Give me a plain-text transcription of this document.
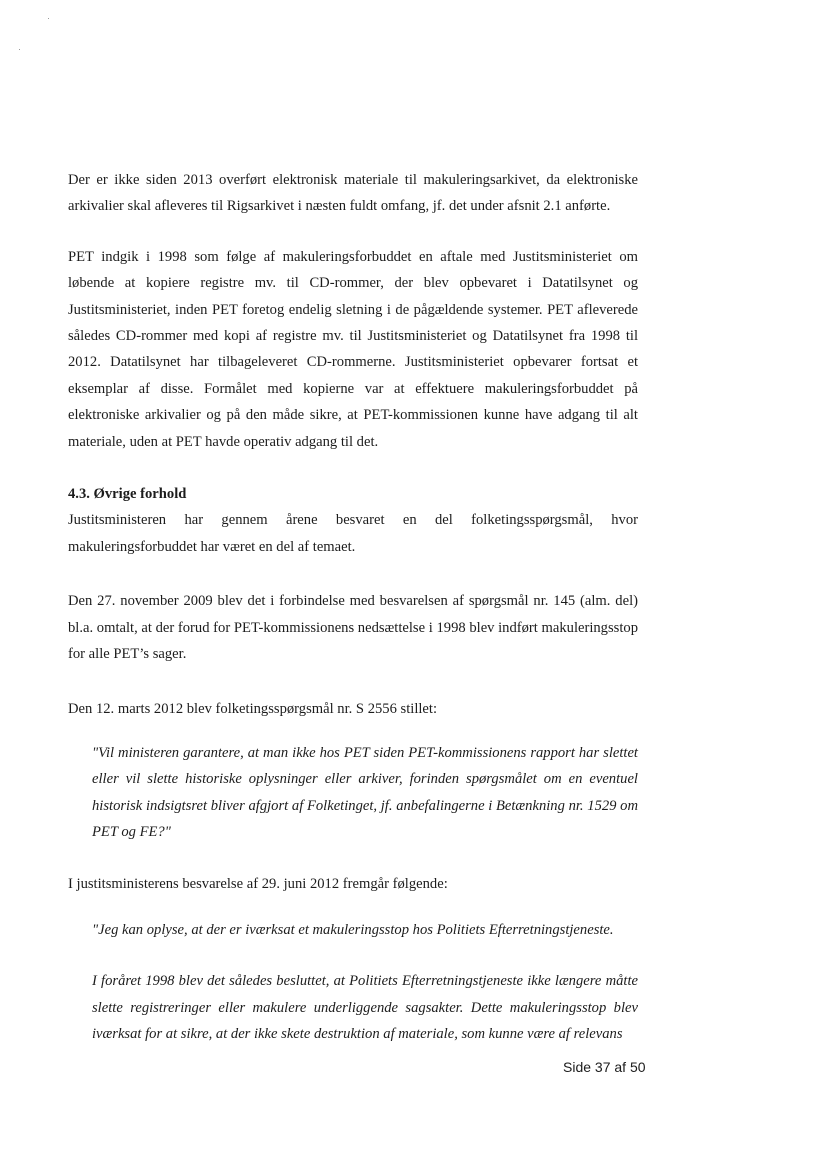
Der er ikke siden 2013 overført elektronisk materiale til makuleringsarkivet, da elektroniske arkivalier skal afleveres til Rigsarkivet i næsten fuldt omfang, jf. det under afsnit 2.1 anførte.

PET indgik i 1998 som følge af makuleringsforbuddet en aftale med Justitsministeriet om løbende at kopiere registre mv. til CD-rommer, der blev opbevaret i Datatilsynet og Justitsministeriet, inden PET foretog endelig sletning i de pågældende systemer. PET afleverede således CD-rommer med kopi af registre mv. til Justitsministeriet og Datatilsynet fra 1998 til 2012. Datatilsynet har tilbageleveret CD-rommerne. Justitsministeriet opbevarer fortsat et eksemplar af disse. Formålet med kopierne var at effektuere makuleringsforbuddet på elektroniske arkivalier og på den måde sikre, at PET-kommissionen kunne have adgang til alt materiale, uden at PET havde operativ adgang til det.

4.3. Øvrige forhold

Justitsministeren har gennem årene besvaret en del folketingsspørgsmål, hvor makuleringsforbuddet har været en del af temaet.

Den 27. november 2009 blev det i forbindelse med besvarelsen af spørgsmål nr. 145 (alm. del) bl.a. omtalt, at der forud for PET-kommissionens nedsættelse i 1998 blev indført makuleringsstop for alle PET’s sager.

Den 12. marts 2012 blev folketingsspørgsmål nr. S 2556 stillet:

"Vil ministeren garantere, at man ikke hos PET siden PET-kommissionens rapport har slettet eller vil slette historiske oplysninger eller arkiver, forinden spørgsmålet om en eventuel historisk indsigtsret bliver afgjort af Folketinget, jf. anbefalingerne i Betænkning nr. 1529 om PET og FE?"

I justitsministerens besvarelse af 29. juni 2012 fremgår følgende:

"Jeg kan oplyse, at der er iværksat et makuleringsstop hos Politiets Efterretningstjeneste.

I foråret 1998 blev det således besluttet, at Politiets Efterretningstjeneste ikke længere måtte slette registreringer eller makulere underliggende sagsakter. Dette makuleringsstop blev iværksat for at sikre, at der ikke skete destruktion af materiale, som kunne være af relevans

Side 37 af 50
